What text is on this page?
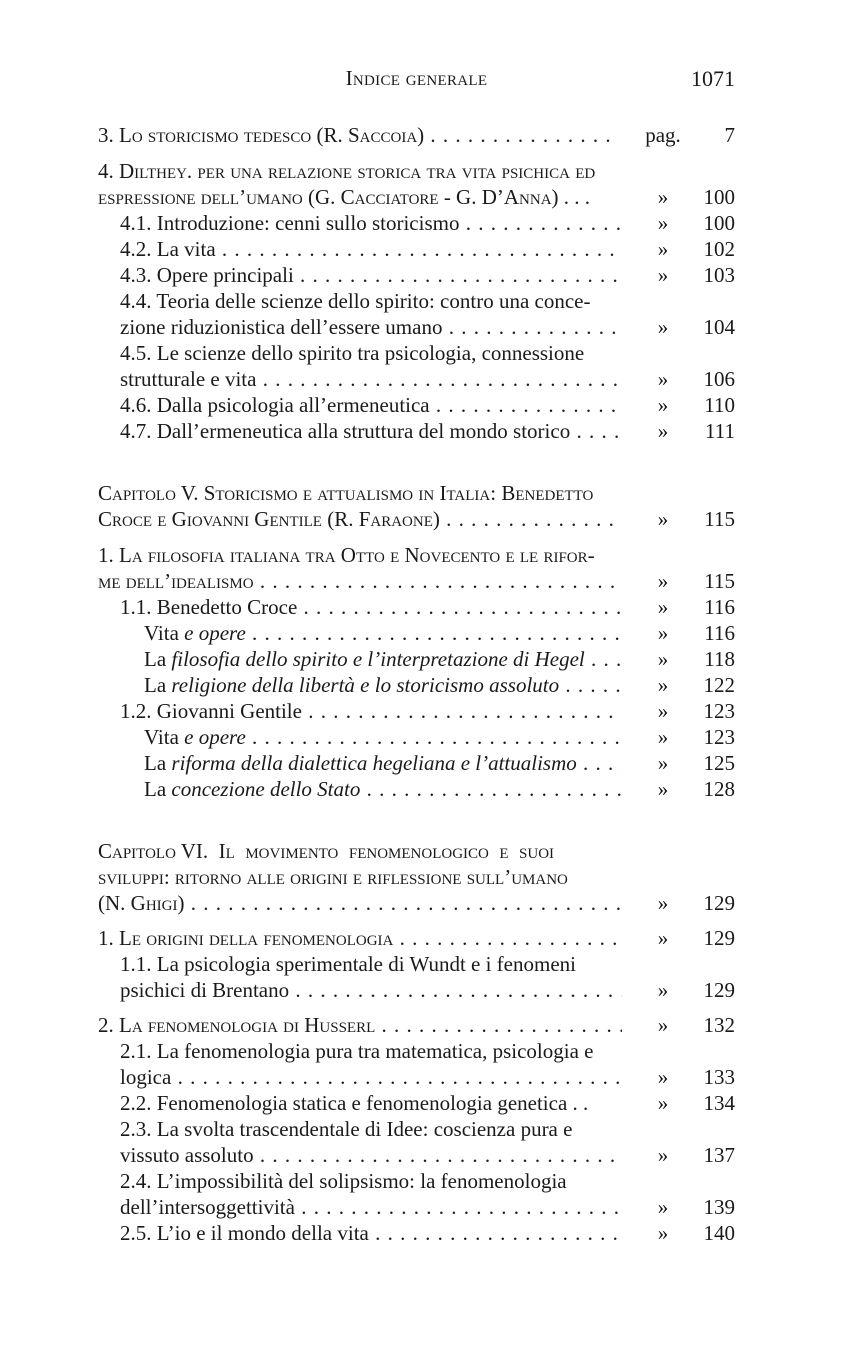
Indice generale	1071
3. Lo storicismo tedesco (R. Saccoia) . . .	pag.	7
4. Dilthey. per una relazione storica tra vita psichica ed
espressione dell’umano (G. Cacciatore - G. D’Anna) . . .	»	100
4.1. Introduzione: cenni sullo storicismo . . .	»	100
4.2. La vita . . .	»	102
4.3. Opere principali . . .	»	103
4.4. Teoria delle scienze dello spirito: contro una conce-
zione riduzionistica dell’essere umano . . .	»	104
4.5. Le scienze dello spirito tra psicologia, connessione
strutturale e vita . . .	»	106
4.6. Dalla psicologia all’ermeneutica . . .	»	110
4.7. Dall’ermeneutica alla struttura del mondo storico . . .	»	111
Capitolo V. Storicismo e attualismo in Italia: Benedetto
Croce e Giovanni Gentile (R. Faraone) . . .	»	115
1. La filosofia italiana tra Otto e Novecento e le rifor-
me dell’idealismo . . .	»	115
1.1. Benedetto Croce . . .	»	116
Vita e opere . . .	»	116
La filosofia dello spirito e l’interpretazione di Hegel . . .	»	118
La religione della libertà e lo storicismo assoluto . . .	»	122
1.2. Giovanni Gentile . . .	»	123
Vita e opere . . .	»	123
La riforma della dialettica hegeliana e l’attualismo . . .	»	125
La concezione dello Stato . . .	»	128
Capitolo VI.  Il  movimento  fenomenologico  e  suoi
sviluppi: ritorno alle origini e riflessione sull’umano
(N. Ghigi) . . .	»	129
1. Le origini della fenomenologia . . .	»	129
1.1. La psicologia sperimentale di Wundt e i fenomeni
psichici di Brentano . . .	»	129
2. La fenomenologia di Husserl . . .	»	132
2.1. La fenomenologia pura tra matematica, psicologia e
logica . . .	»	133
2.2. Fenomenologia statica e fenomenologia genetica . .	»	134
2.3. La svolta trascendentale di Idee: coscienza pura e
vissuto assoluto . . .	»	137
2.4. L’impossibilità del solipsismo: la fenomenologia
dell’intersoggettività . . .	»	139
2.5. L’io e il mondo della vita . . .	»	140
